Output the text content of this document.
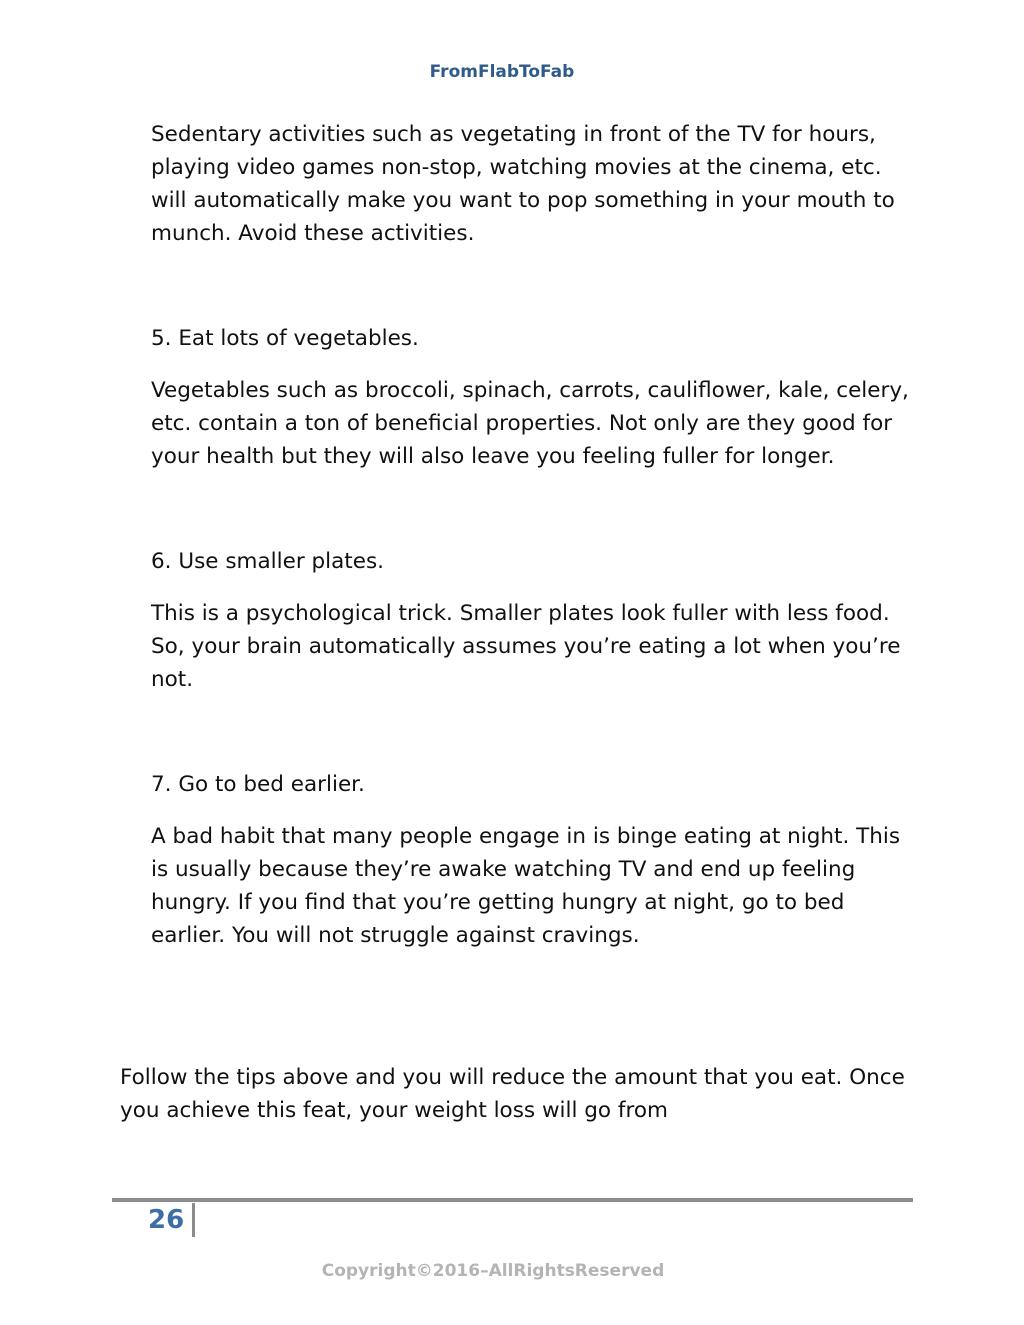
FromFlabToFab

Sedentary activities such as vegetating in front of the TV for hours, playing video games non-stop, watching movies at the cinema, etc. will automatically make you want to pop something in your mouth to munch. Avoid these activities.

5. Eat lots of vegetables.

Vegetables such as broccoli, spinach, carrots, cauliflower, kale, celery, etc. contain a ton of beneficial properties. Not only are they good for your health but they will also leave you feeling fuller for longer.

6. Use smaller plates.

This is a psychological trick. Smaller plates look fuller with less food. So, your brain automatically assumes you’re eating a lot when you’re not.

7. Go to bed earlier.

A bad habit that many people engage in is binge eating at night. This is usually because they’re awake watching TV and end up feeling hungry. If you find that you’re getting hungry at night, go to bed earlier. You will not struggle against cravings.

Follow the tips above and you will reduce the amount that you eat. Once you achieve this feat, your weight loss will go from

26
Copyright©2016–AllRightsReserved
